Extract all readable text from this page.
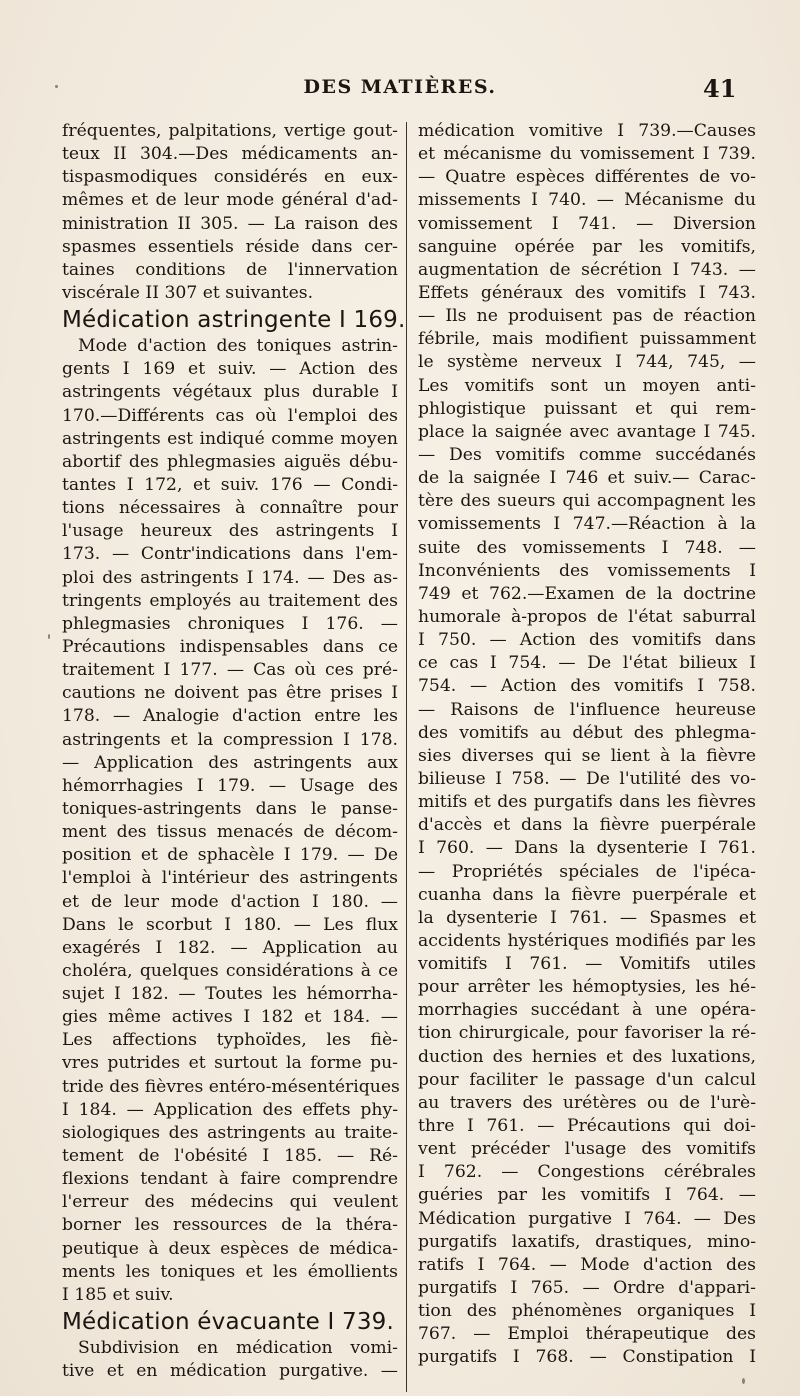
DES MATIÈRES.	41
fréquentes, palpitations, vertige gout-
teux II 304.—Des médicaments an-
tispasmodiques considérés en eux-
mêmes et de leur mode général d'ad-
ministration II 305. — La raison des
spasmes essentiels réside dans cer-
taines conditions de l'innervation
viscérale II 307 et suivantes.
Médication astringente I 169.
Mode d'action des toniques astrin-
gents I 169 et suiv. — Action des
astringents végétaux plus durable I
170.—Différents cas où l'emploi des
astringents est indiqué comme moyen
abortif des phlegmasies aiguës débu-
tantes I 172, et suiv. 176 — Condi-
tions nécessaires à connaître pour
l'usage heureux des astringents I
173. — Contr'indications dans l'em-
ploi des astringents I 174. — Des as-
tringents employés au traitement des
phlegmasies chroniques I 176. —
Précautions indispensables dans ce
traitement I 177. — Cas où ces pré-
cautions ne doivent pas être prises I
178. — Analogie d'action entre les
astringents et la compression I 178.
— Application des astringents aux
hémorrhagies I 179. — Usage des
toniques-astringents dans le panse-
ment des tissus menacés de décom-
position et de sphacèle I 179. — De
l'emploi à l'intérieur des astringents
et de leur mode d'action I 180. —
Dans le scorbut I 180. — Les flux
exagérés I 182. — Application au
choléra, quelques considérations à ce
sujet I 182. — Toutes les hémorrha-
gies même actives I 182 et 184. —
Les affections typhoïdes, les fiè-
vres putrides et surtout la forme pu-
tride des fièvres entéro-mésentériques
I 184. — Application des effets phy-
siologiques des astringents au traite-
tement de l'obésité I 185. — Ré-
flexions tendant à faire comprendre
l'erreur des médecins qui veulent
borner les ressources de la théra-
peutique à deux espèces de médica-
ments les toniques et les émollients
I 185 et suiv.
Médication évacuante I 739.
Subdivision en médication vomi-
tive et en médication purgative. —
médication vomitive I 739.—Causes
et mécanisme du vomissement I 739.
— Quatre espèces différentes de vo-
missements I 740. — Mécanisme du
vomissement I 741. — Diversion
sanguine opérée par les vomitifs,
augmentation de sécrétion I 743. —
Effets généraux des vomitifs I 743.
— Ils ne produisent pas de réaction
fébrile, mais modifient puissamment
le système nerveux I 744, 745, —
Les vomitifs sont un moyen anti-
phlogistique puissant et qui rem-
place la saignée avec avantage I 745.
— Des vomitifs comme succédanés
de la saignée I 746 et suiv.— Carac-
tère des sueurs qui accompagnent les
vomissements I 747.—Réaction à la
suite des vomissements I 748. —
Inconvénients des vomissements I
749 et 762.—Examen de la doctrine
humorale à-propos de l'état saburral
I 750. — Action des vomitifs dans
ce cas I 754. — De l'état bilieux I
754. — Action des vomitifs I 758.
— Raisons de l'influence heureuse
des vomitifs au début des phlegma-
sies diverses qui se lient à la fièvre
bilieuse I 758. — De l'utilité des vo-
mitifs et des purgatifs dans les fièvres
d'accès et dans la fièvre puerpérale
I 760. — Dans la dysenterie I 761.
— Propriétés spéciales de l'ipéca-
cuanha dans la fièvre puerpérale et
la dysenterie I 761. — Spasmes et
accidents hystériques modifiés par les
vomitifs I 761. — Vomitifs utiles
pour arrêter les hémoptysies, les hé-
morrhagies succédant à une opéra-
tion chirurgicale, pour favoriser la ré-
duction des hernies et des luxations,
pour faciliter le passage d'un calcul
au travers des urétères ou de l'urè-
thre I 761. — Précautions qui doi-
vent précéder l'usage des vomitifs
I 762. — Congestions cérébrales
guéries par les vomitifs I 764. —
Médication purgative I 764. — Des
purgatifs laxatifs, drastiques, mino-
ratifs I 764. — Mode d'action des
purgatifs I 765. — Ordre d'appari-
tion des phénomènes organiques I
767. — Emploi thérapeutique des
purgatifs I 768. — Constipation I
